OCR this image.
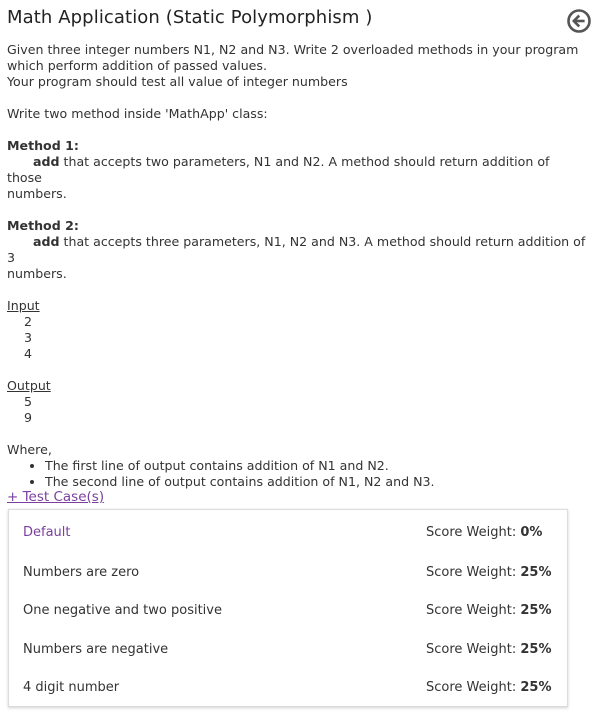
Math Application (Static Polymorphism )

Given three integer numbers N1, N2 and N3. Write 2 overloaded methods in your program

which perform addition of passed values.

Your program should test all value of integer numbers

Write two method inside 'MathApp' class:

Method 1:

add that accepts two parameters, N1 and N2. A method should return addition of those

numbers.

Method 2:

add that accepts three parameters, N1, N2 and N3. A method should return addition of 3

numbers.

Input

2

3

4

Output

5

9

Where,

• The first line of output contains addition of N1 and N2.
• The second line of output contains addition of N1, N2 and N3.
+ Test Case(s)
Default	Score Weight: 0%
Numbers are zero	Score Weight: 25%
One negative and two positive	Score Weight: 25%
Numbers are negative	Score Weight: 25%
4 digit number	Score Weight: 25%
